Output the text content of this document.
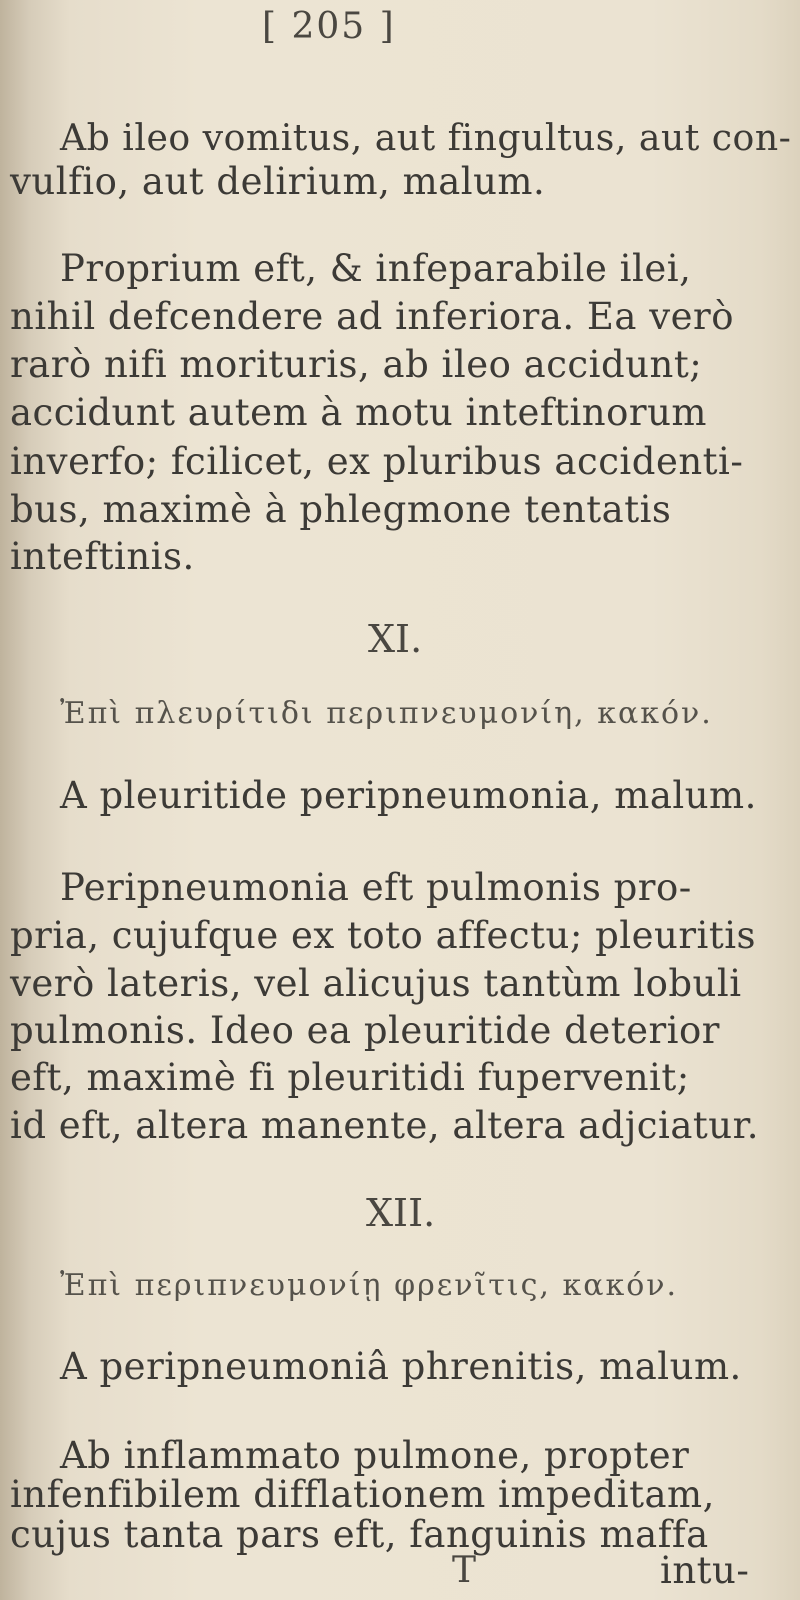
[ 205 ]
Ab ileo vomitus, aut fingultus, aut con-
vulfio, aut delirium, malum.
Proprium eft, & infeparabile ilei,
nihil defcendere ad inferiora. Ea verò
rarò nifi morituris, ab ileo accidunt;
accidunt autem à motu inteftinorum
inverfo; fcilicet, ex pluribus accidenti-
bus, maximè à phlegmone tentatis
inteftinis.
XI.
Ἐπὶ πλευρίτιδι περιπνευμονίη, κακόν.
A pleuritide peripneumonia, malum.
Peripneumonia eft pulmonis pro-
pria, cujufque ex toto affectu; pleuritis
verò lateris, vel alicujus tantùm lobuli
pulmonis. Ideo ea pleuritide deterior
eft, maximè fi pleuritidi fupervenit;
id eft, altera manente, altera adjciatur.
XII.
Ἐπὶ περιπνευμονίῃ φρενῖτις, κακόν.
A peripneumoniâ phrenitis, malum.
Ab inflammato pulmone, propter
infenfibilem difflationem impeditam,
cujus tanta pars eft, fanguinis maffa
T	intu-
